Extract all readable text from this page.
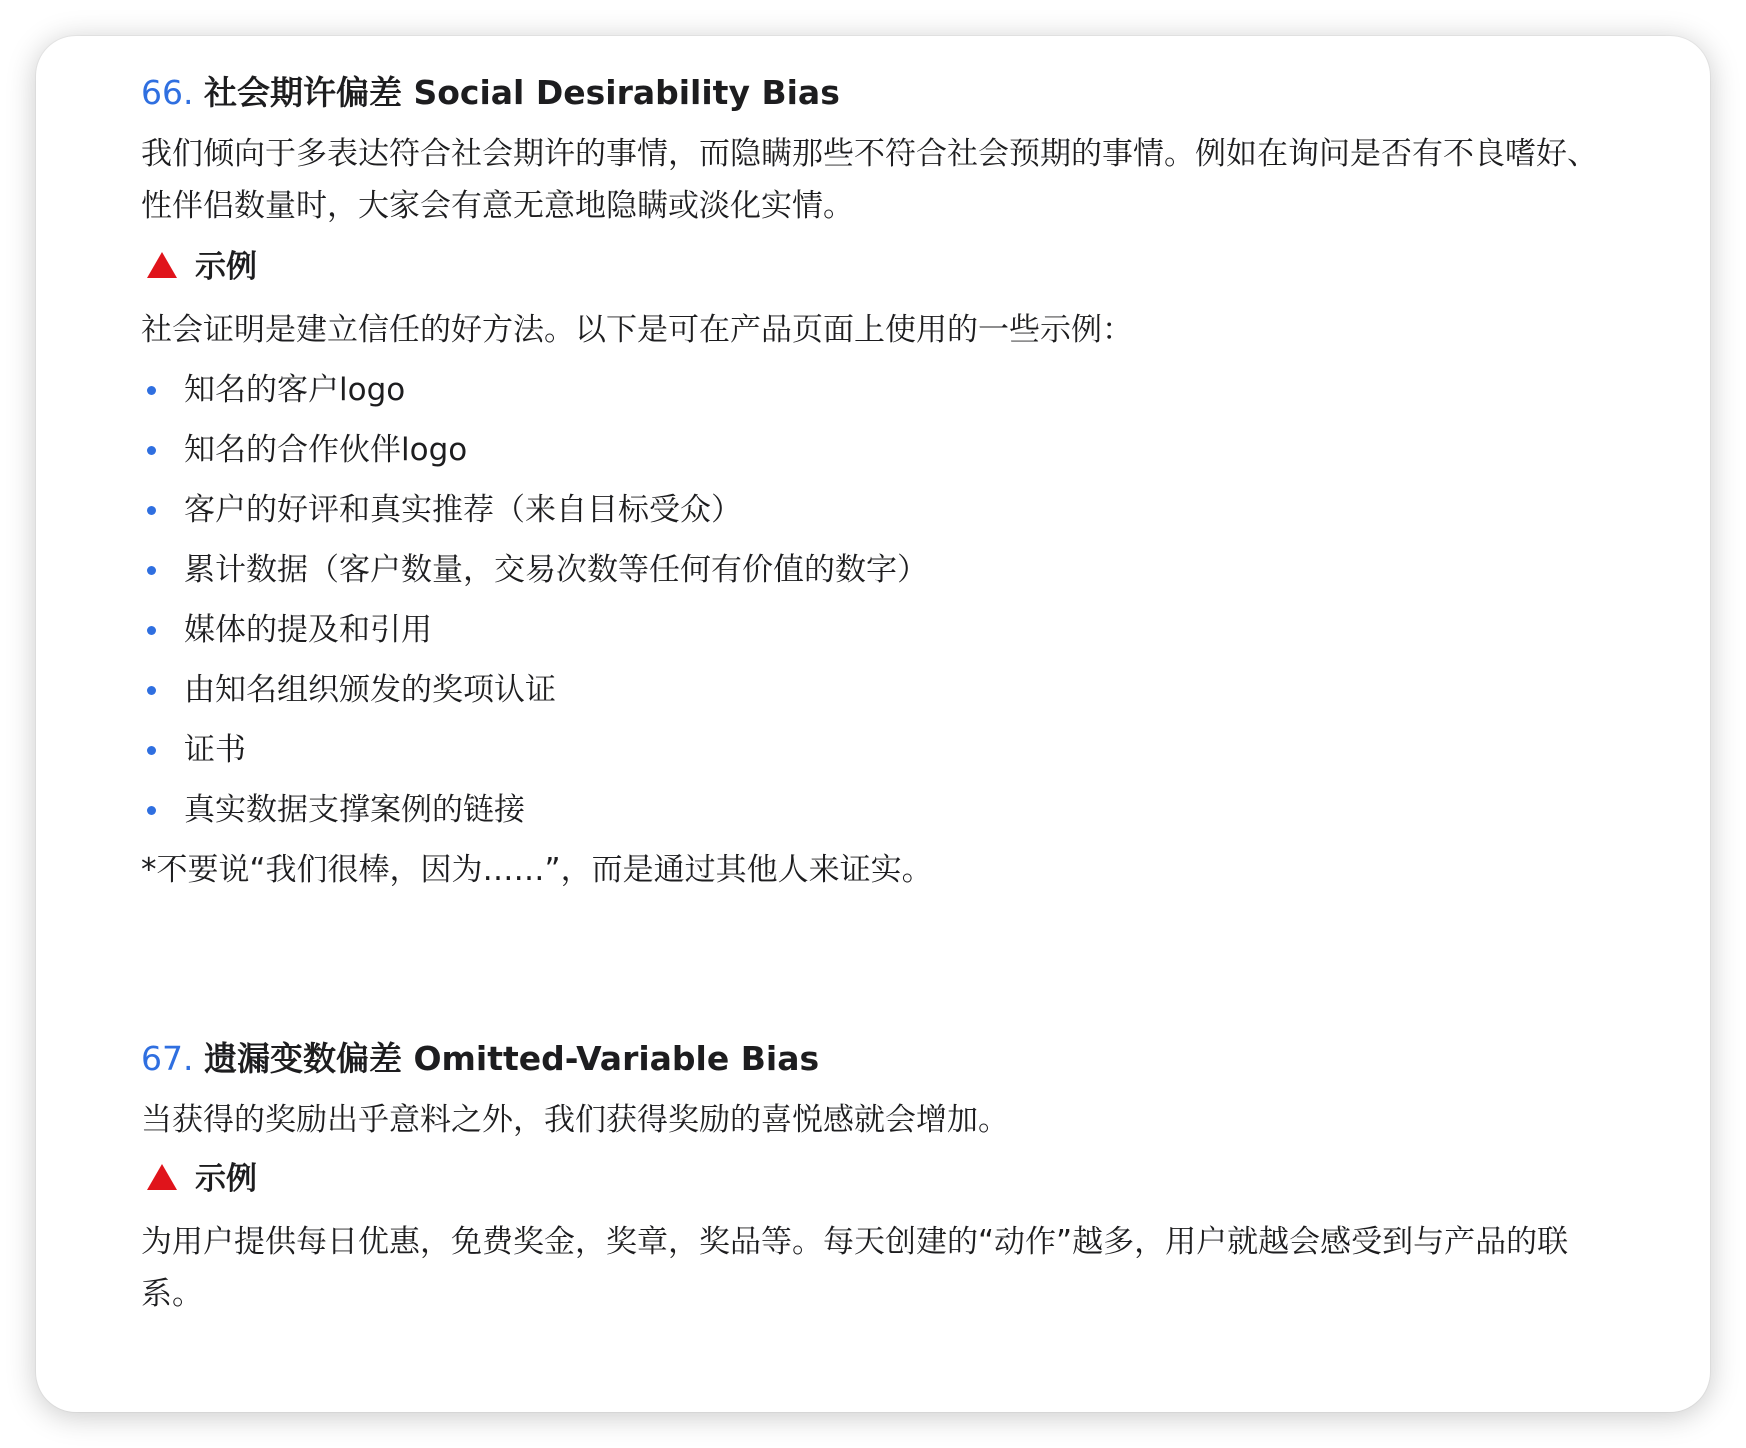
66. 社会期许偏差 Social Desirability Bias

我们倾向于多表达符合社会期许的事情，而隐瞒那些不符合社会预期的事情。例如在询问是否有不良嗜好、性伴侣数量时，大家会有意无意地隐瞒或淡化实情。

示例

社会证明是建立信任的好方法。以下是可在产品页面上使用的一些示例：

知名的客户logo
知名的合作伙伴logo
客户的好评和真实推荐（来自目标受众）
累计数据（客户数量，交易次数等任何有价值的数字）
媒体的提及和引用
由知名组织颁发的奖项认证
证书
真实数据支撑案例的链接

*不要说“我们很棒，因为……”，而是通过其他人来证实。

67. 遗漏变数偏差 Omitted-Variable Bias

当获得的奖励出乎意料之外，我们获得奖励的喜悦感就会增加。

示例

为用户提供每日优惠，免费奖金，奖章，奖品等。每天创建的“动作”越多，用户就越会感受到与产品的联系。
